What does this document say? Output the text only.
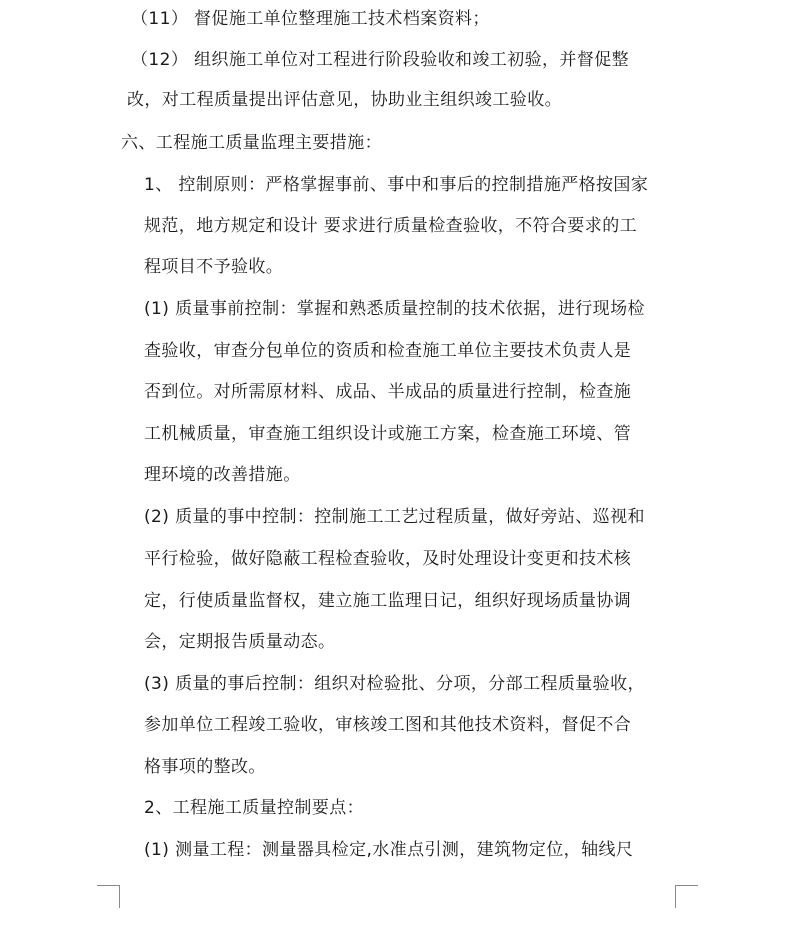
（11） 督促施工单位整理施工技术档案资料；
（12） 组织施工单位对工程进行阶段验收和竣工初验，并督促整
改，对工程质量提出评估意见，协助业主组织竣工验收。
六、工程施工质量监理主要措施：
1、 控制原则：严格掌握事前、事中和事后的控制措施严格按国家
规范，地方规定和设计 要求进行质量检查验收，不符合要求的工
程项目不予验收。
(1) 质量事前控制：掌握和熟悉质量控制的技术依据，进行现场检
查验收，审查分包单位的资质和检查施工单位主要技术负责人是
否到位。对所需原材料、成品、半成品的质量进行控制，检查施
工机械质量，审查施工组织设计或施工方案，检查施工环境、管
理环境的改善措施。
(2) 质量的事中控制：控制施工工艺过程质量，做好旁站、巡视和
平行检验，做好隐蔽工程检查验收，及时处理设计变更和技术核
定，行使质量监督权，建立施工监理日记，组织好现场质量协调
会，定期报告质量动态。
(3) 质量的事后控制：组织对检验批、分项，分部工程质量验收，
参加单位工程竣工验收，审核竣工图和其他技术资料，督促不合
格事项的整改。
2、工程施工质量控制要点：
(1) 测量工程：测量器具检定,水准点引测，建筑物定位，轴线尺
